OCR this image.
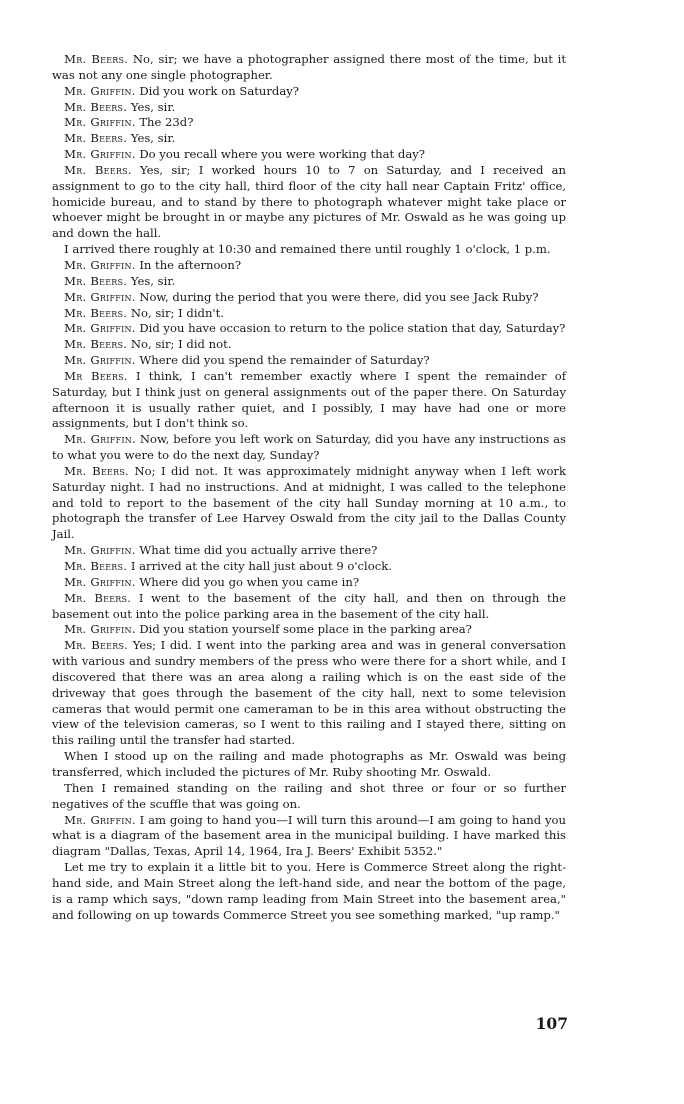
Mr. Beers. No, sir; we have a photographer assigned there most of the time, but it was not any one single photographer.

Mr. Griffin. Did you work on Saturday?

Mr. Beers. Yes, sir.

Mr. Griffin. The 23d?

Mr. Beers. Yes, sir.

Mr. Griffin. Do you recall where you were working that day?

Mr. Beers. Yes, sir; I worked hours 10 to 7 on Saturday, and I received an assignment to go to the city hall, third floor of the city hall near Captain Fritz' office, homicide bureau, and to stand by there to photograph whatever might take place or whoever might be brought in or maybe any pictures of Mr. Oswald as he was going up and down the hall.

I arrived there roughly at 10:30 and remained there until roughly 1 o'clock, 1 p.m.

Mr. Griffin. In the afternoon?

Mr. Beers. Yes, sir.

Mr. Griffin. Now, during the period that you were there, did you see Jack Ruby?

Mr. Beers. No, sir; I didn't.

Mr. Griffin. Did you have occasion to return to the police station that day, Saturday?

Mr. Beers. No, sir; I did not.

Mr. Griffin. Where did you spend the remainder of Saturday?

Mr Beers. I think, I can't remember exactly where I spent the remainder of Saturday, but I think just on general assignments out of the paper there. On Saturday afternoon it is usually rather quiet, and I possibly, I may have had one or more assignments, but I don't think so.

Mr. Griffin. Now, before you left work on Saturday, did you have any instructions as to what you were to do the next day, Sunday?

Mr. Beers. No; I did not. It was approximately midnight anyway when I left work Saturday night. I had no instructions. And at midnight, I was called to the telephone and told to report to the basement of the city hall Sunday morning at 10 a.m., to photograph the transfer of Lee Harvey Oswald from the city jail to the Dallas County Jail.

Mr. Griffin. What time did you actually arrive there?

Mr. Beers. I arrived at the city hall just about 9 o'clock.

Mr. Griffin. Where did you go when you came in?

Mr. Beers. I went to the basement of the city hall, and then on through the basement out into the police parking area in the basement of the city hall.

Mr. Griffin. Did you station yourself some place in the parking area?

Mr. Beers. Yes; I did. I went into the parking area and was in general conversation with various and sundry members of the press who were there for a short while, and I discovered that there was an area along a railing which is on the east side of the driveway that goes through the basement of the city hall, next to some television cameras that would permit one cameraman to be in this area without obstructing the view of the television cameras, so I went to this railing and I stayed there, sitting on this railing until the transfer had started.

When I stood up on the railing and made photographs as Mr. Oswald was being transferred, which included the pictures of Mr. Ruby shooting Mr. Oswald.

Then I remained standing on the railing and shot three or four or so further negatives of the scuffle that was going on.

Mr. Griffin. I am going to hand you—I will turn this around—I am going to hand you what is a diagram of the basement area in the municipal building. I have marked this diagram "Dallas, Texas, April 14, 1964, Ira J. Beers' Exhibit 5352."

Let me try to explain it a little bit to you. Here is Commerce Street along the right-hand side, and Main Street along the left-hand side, and near the bottom of the page, is a ramp which says, "down ramp leading from Main Street into the basement area," and following on up towards Commerce Street you see something marked, "up ramp."

107
